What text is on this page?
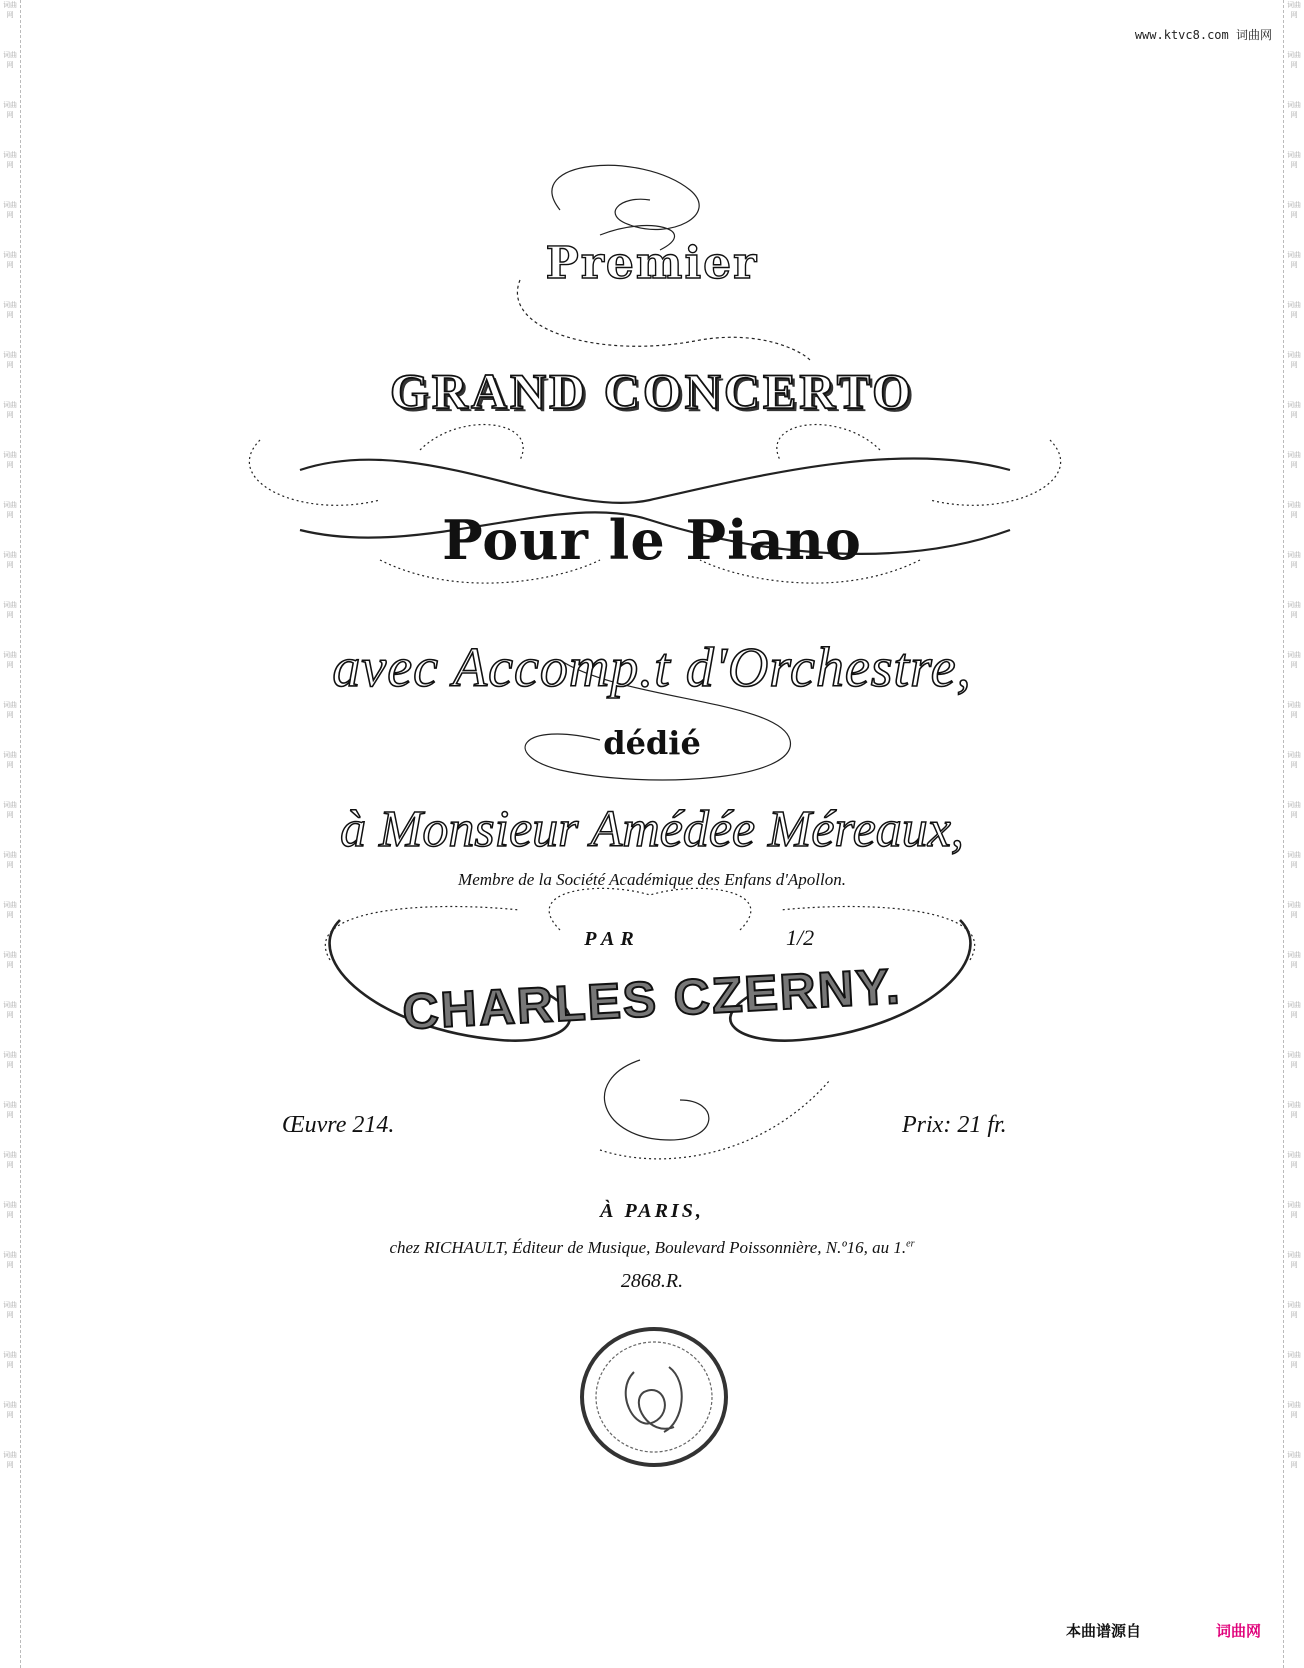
词曲网
词曲网
词曲网
词曲网
词曲网
词曲网
词曲网
词曲网
词曲网
词曲网
词曲网
词曲网
词曲网
词曲网
词曲网
词曲网
词曲网
词曲网
词曲网
词曲网
词曲网
词曲网
词曲网
词曲网
词曲网
词曲网
词曲网
词曲网
词曲网
词曲网
词曲网
词曲网
词曲网
词曲网
词曲网
词曲网
词曲网
词曲网
词曲网
词曲网
词曲网
词曲网
词曲网
词曲网
词曲网
词曲网
词曲网
词曲网
词曲网
词曲网
词曲网
词曲网
词曲网
词曲网
词曲网
词曲网
词曲网
词曲网
词曲网
词曲网
www.ktvc8.com 词曲网
Premier
GRAND CONCERTO
Pour le Piano
avec Accomp.t d'Orchestre,
dédié
à Monsieur Amédée Méreaux,
Membre de la Société Académique des Enfans d'Apollon.
PAR	1/2
CHARLES CZERNY.
Œuvre 214.	Prix: 21 fr.
À PARIS,
chez RICHAULT, Éditeur de Musique, Boulevard Poissonnière, N.º16, au 1.$^{er}$
2868.R.
本曲谱源自	词曲网
